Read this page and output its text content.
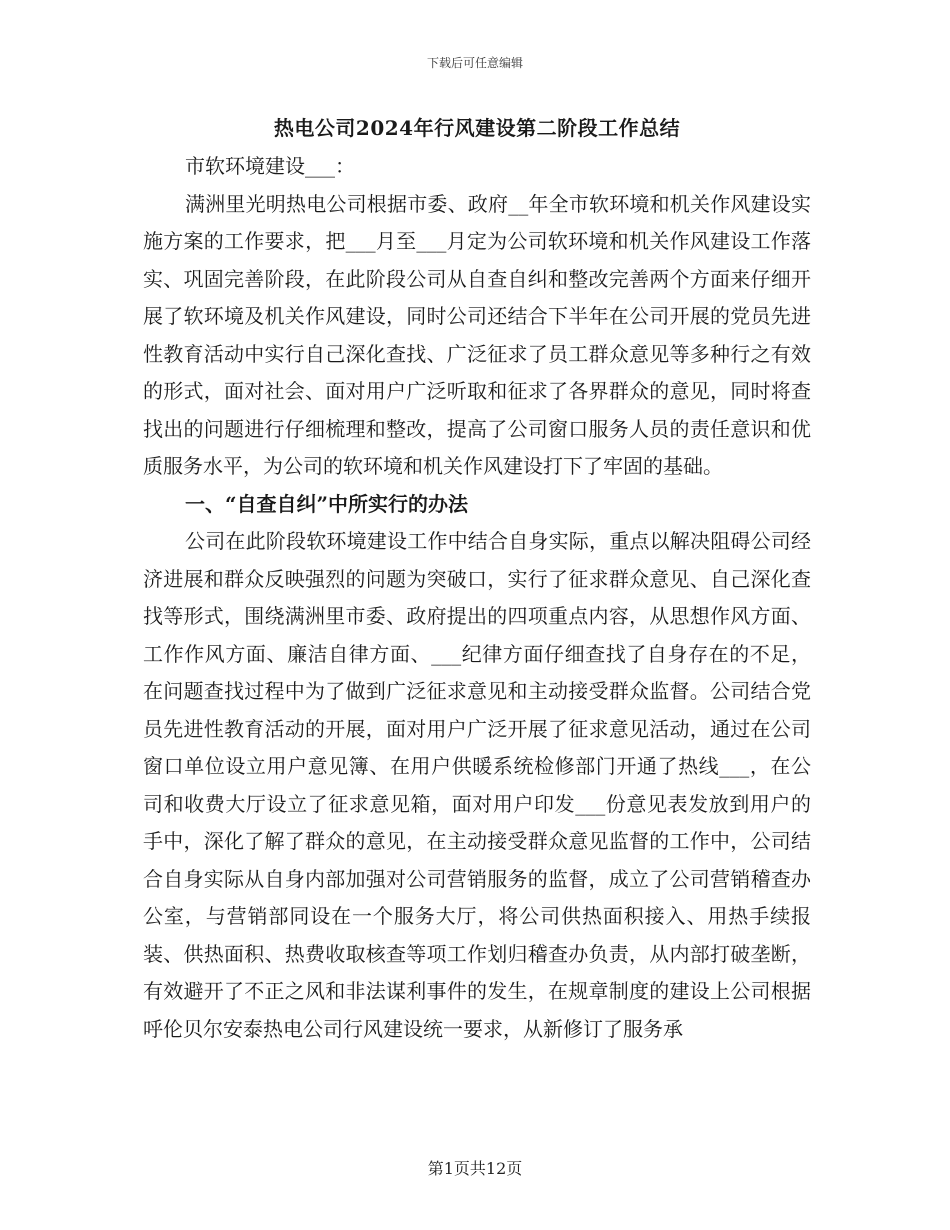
下载后可任意编辑
热电公司2024年行风建设第二阶段工作总结

市软环境建设___：

满洲里光明热电公司根据市委、政府__年全市软环境和机关作风建设实施方案的工作要求，把___月至___月定为公司软环境和机关作风建设工作落实、巩固完善阶段，在此阶段公司从自查自纠和整改完善两个方面来仔细开展了软环境及机关作风建设，同时公司还结合下半年在公司开展的党员先进性教育活动中实行自己深化查找、广泛征求了员工群众意见等多种行之有效的形式，面对社会、面对用户广泛听取和征求了各界群众的意见，同时将查找出的问题进行仔细梳理和整改，提高了公司窗口服务人员的责任意识和优质服务水平，为公司的软环境和机关作风建设打下了牢固的基础。

一、“自查自纠”中所实行的办法

公司在此阶段软环境建设工作中结合自身实际，重点以解决阻碍公司经济进展和群众反映强烈的问题为突破口，实行了征求群众意见、自己深化查找等形式，围绕满洲里市委、政府提出的四项重点内容，从思想作风方面、工作作风方面、廉洁自律方面、___纪律方面仔细查找了自身存在的不足，在问题查找过程中为了做到广泛征求意见和主动接受群众监督。公司结合党员先进性教育活动的开展，面对用户广泛开展了征求意见活动，通过在公司窗口单位设立用户意见簿、在用户供暖系统检修部门开通了热线___，在公司和收费大厅设立了征求意见箱，面对用户印发___份意见表发放到用户的手中，深化了解了群众的意见，在主动接受群众意见监督的工作中，公司结合自身实际从自身内部加强对公司营销服务的监督，成立了公司营销稽查办公室，与营销部同设在一个服务大厅，将公司供热面积接入、用热手续报装、供热面积、热费收取核查等项工作划归稽查办负责，从内部打破垄断，有效避开了不正之风和非法谋利事件的发生，在规章制度的建设上公司根据呼伦贝尔安泰热电公司行风建设统一要求，从新修订了服务承

第1页共12页
